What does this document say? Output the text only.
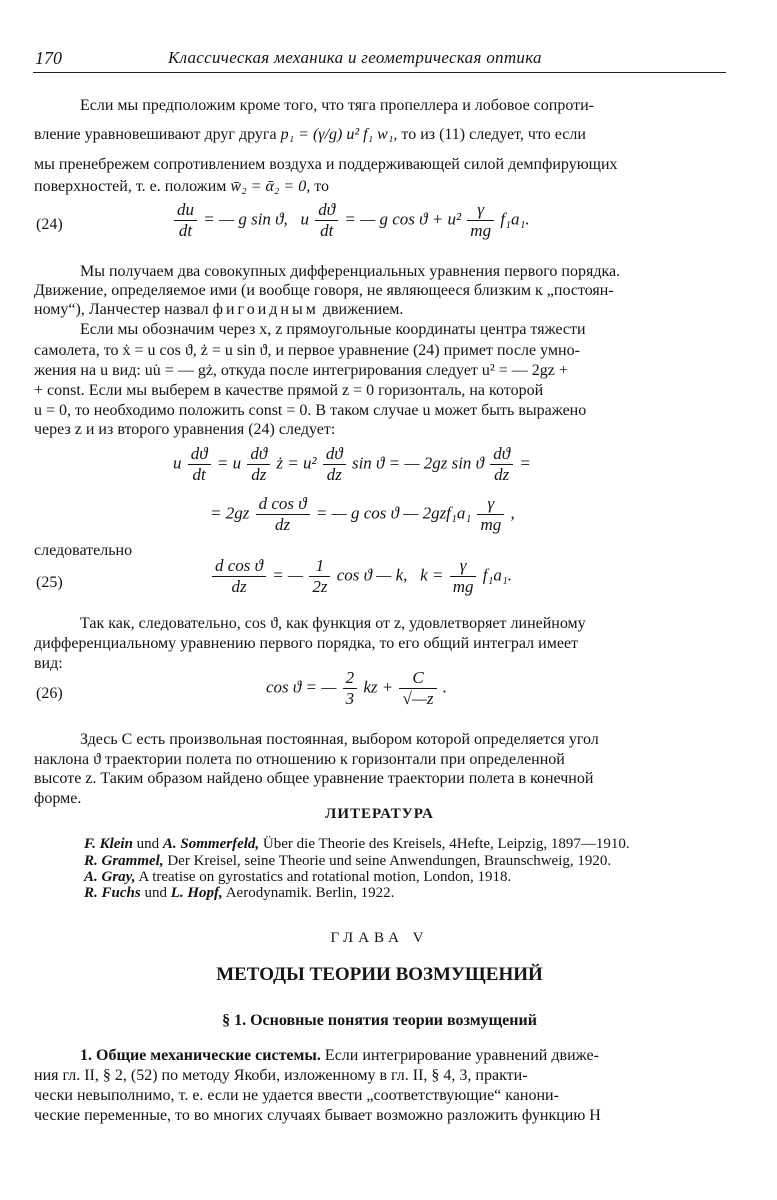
170	Классическая механика и геометрическая оптика
Если мы предположим кроме того, что тяга пропеллера и лобовое сопроти-
вление уравновешивают друг друга p₁ = (γ/g) u² f₁ w₁, то из (11) следует, что если
мы пренебрежем сопротивлением воздуха и поддерживающей силой демпфирующих
поверхностей, т. е. положим w̄₂ = ᾱ₂ = 0, то
(24)	$\frac{du}{dt}$ = — g sin ϑ, u $\frac{dϑ}{dt}$ = — g $\cos ϑ + u^2 \frac{\gamma}{mg} f_1a_1$.
Мы получаем два совокупных дифференциальных уравнения первого порядка.
Движение, определяемое ими (и вообще говоря, не являющееся близким к „постоян-
ному“), Ланчестер назвал фигоидным движением.
Если мы обозначим через x, z прямоугольные координаты центра тяжести
самолета, то ẋ = u cos ϑ, ż = u sin ϑ, и первое уравнение (24) примет после умно-
жения на u вид: uu̇ = — gż, откуда после интегрирования следует u² = — 2gz +
+ const. Если мы выберем в качестве прямой z = 0 горизонталь, на которой
u = 0, то необходимо положить const = 0. В таком случае u может быть выражено
через z и из второго уравнения (24) следует:
u $\frac{dϑ}{dt} = u \frac{dϑ}{dz}$ ż = $u^2 \frac{dϑ}{dz}$ sin ϑ = — 2gz sin ϑ $\frac{dϑ}{dz}$ =
= $2gz \frac{\text{d cos ϑ}}{dz}$ = — g cos ϑ — $2gzf_1a_1 \frac{\gamma}{mg}$ ,
следовательно
(25)	$\frac{\text{d cos ϑ}}{dz}$ = — $\frac{1}{2z}$ cos ϑ — k, $k = \frac{\gamma}{mg} f_1a_1$.
Так как, следовательно, cos ϑ, как функция от z, удовлетворяет линейному
дифференциальному уравнению первого порядка, то его общий интеграл имеет
вид:
(26)	cos ϑ = — $\frac{2}{3}$ kz + $\frac{C}{√—z}$ .
Здесь C есть произвольная постоянная, выбором которой определяется угол
наклона ϑ траектории полета по отношению к горизонтали при определенной
высоте z. Таким образом найдено общее уравнение траектории полета в конечной
форме.
ЛИТЕРАТУРА
F. Klein und A. Sommerfeld, Über die Theorie des Kreisels, 4Hefte, Leipzig, 1897—1910.
R. Grammel, Der Kreisel, seine Theorie und seine Anwendungen, Braunschweig, 1920.
A. Gray, A treatise on gyrostatics and rotational motion, London, 1918.
R. Fuchs und L. Hopf, Aerodynamik. Berlin, 1922.
ГЛАВА V
МЕТОДЫ ТЕОРИИ ВОЗМУЩЕНИЙ
§ 1. Основные понятия теории возмущений
1. Общие механические системы. Если интегрирование уравнений движе-
ния гл. II, § 2, (52) по методу Якоби, изложенному в гл. II, § 4, 3, практи-
чески невыполнимо, т. е. если не удается ввести „соответствующие“ канони-
ческие переменные, то во многих случаях бывает возможно разложить функцию H
